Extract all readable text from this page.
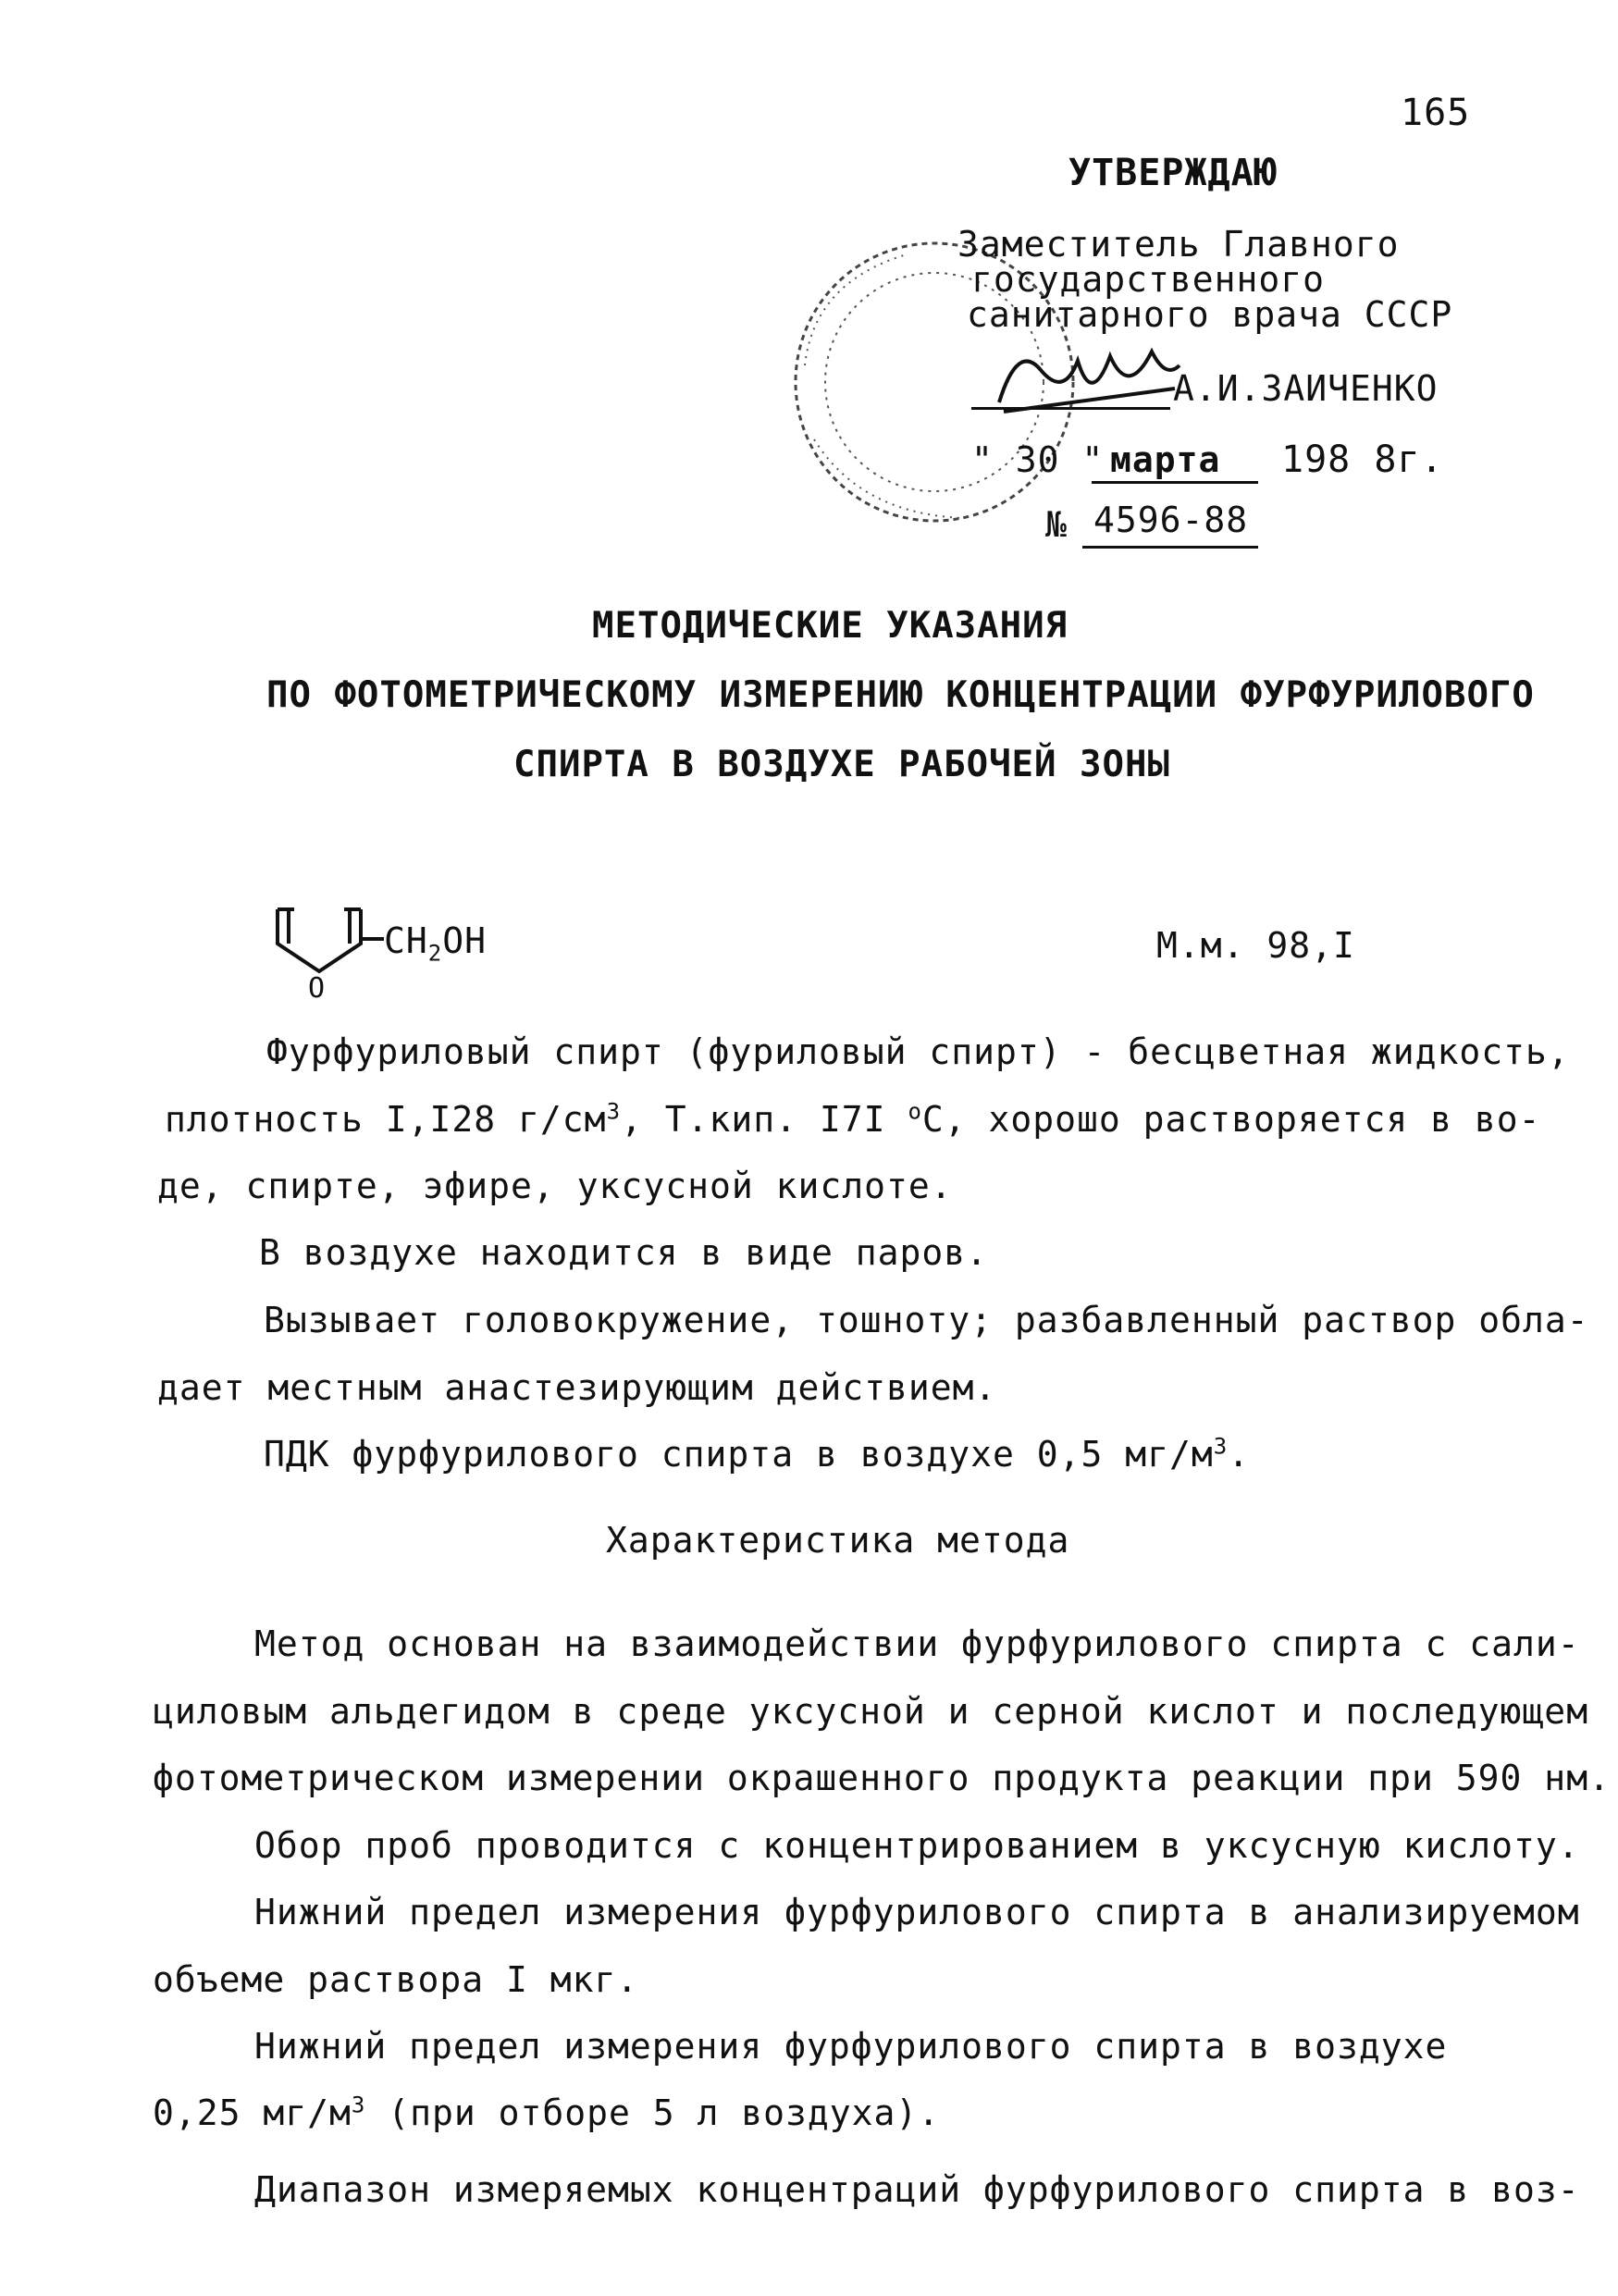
165
УТВЕРЖДАЮ
Заместитель Главного
государственного
санитарного врача СССР
А.И.ЗАИЧЕНКО
" 30 " марта 198 8г.
№ 4596-88
МЕТОДИЧЕСКИЕ УКАЗАНИЯ
ПО ФОТОМЕТРИЧЕСКОМУ ИЗМЕРЕНИЮ КОНЦЕНТРАЦИИ ФУРФУРИЛОВОГО
СПИРТА В ВОЗДУХЕ РАБОЧЕЙ ЗОНЫ
$CH_2OH$
O
М.м. 98,I
Фурфуриловый спирт (фуриловый спирт) - бесцветная жидкость,
плотность I,I28 $г/см^3$, Т.кип. I7I $^о$С, хорошо растворяется в во-
де, спирте, эфире, уксусной кислоте.
В воздухе находится в виде паров.
Вызывает головокружение, тошноту; разбавленный раствор обла-
дает местным анастезирующим действием.
ПДК фурфурилового спирта в воздухе 0,5 $мг/м^3$.
Характеристика метода
Метод основан на взаимодействии фурфурилового спирта с сали-
циловым альдегидом в среде уксусной и серной кислот и последующем
фотометрическом измерении окрашенного продукта реакции при 590 нм.
Обор проб проводится с концентрированием в уксусную кислоту.
Нижний предел измерения фурфурилового спирта в анализируемом
объеме раствора I мкг.
Нижний предел измерения фурфурилового спирта в воздухе
0,25 $мг/м^3$ (при отборе 5 л воздуха).
Диапазон измеряемых концентраций фурфурилового спирта в воз-
